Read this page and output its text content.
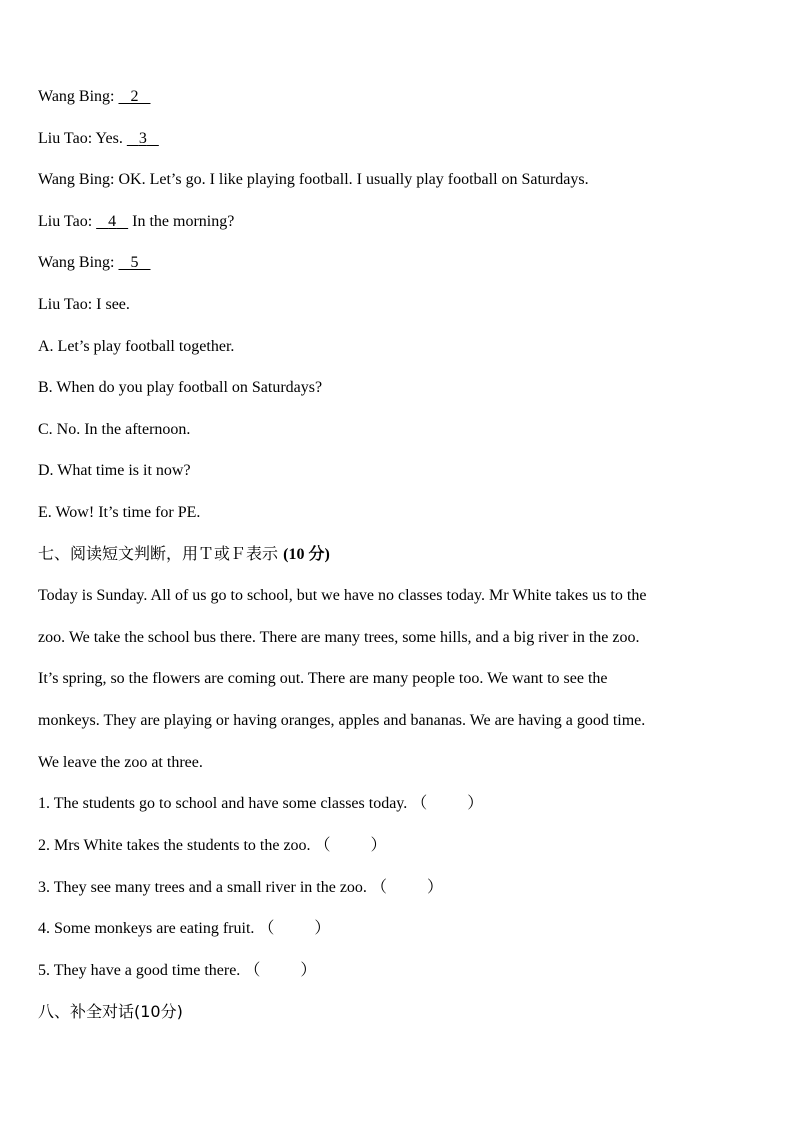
Wang Bing: 2
Liu Tao: Yes. 3
Wang Bing: OK. Let’s go. I like playing football. I usually play football on Saturdays.
Liu Tao: 4 In the morning?
Wang Bing: 5
Liu Tao: I see.
A. Let’s play football together.
B. When do you play football on Saturdays?
C. No. In the afternoon.
D. What time is it now?
E. Wow! It’s time for PE.
七、阅读短文判断，用Ｔ或Ｆ表示 (10 分)
Today is Sunday. All of us go to school, but we have no classes today. Mr White takes us to the
zoo. We take the school bus there. There are many trees, some hills, and a big river in the zoo.
It’s spring, so the flowers are coming out. There are many people too. We want to see the
monkeys. They are playing or having oranges, apples and bananas. We are having a good time.
We leave the zoo at three.
1. The students go to school and have some classes today. （          ）
2. Mrs White takes the students to the zoo. （          ）
3. They see many trees and a small river in the zoo. （          ）
4. Some monkeys are eating fruit. （          ）
5. They have a good time there. （          ）
八、补全对话(10分)
